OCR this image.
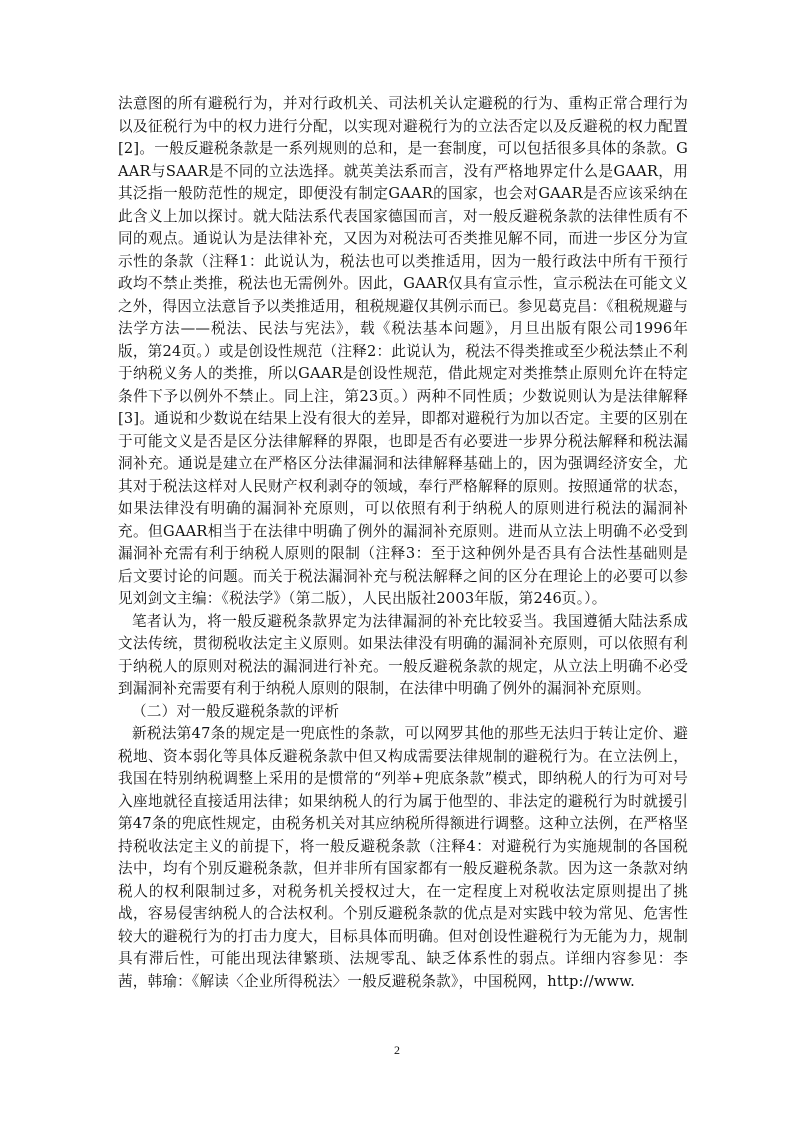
法意图的所有避税行为，并对行政机关、司法机关认定避税的行为、重构正常合理行为以及征税行为中的权力进行分配，以实现对避税行为的立法否定以及反避税的权力配置[2]。一般反避税条款是一系列规则的总和，是一套制度，可以包括很多具体的条款。GAAR与SAAR是不同的立法选择。就英美法系而言，没有严格地界定什么是GAAR，用其泛指一般防范性的规定，即便没有制定GAAR的国家，也会对GAAR是否应该采纳在此含义上加以探讨。就大陆法系代表国家德国而言，对一般反避税条款的法律性质有不同的观点。通说认为是法律补充，又因为对税法可否类推见解不同，而进一步区分为宣示性的条款（注释1：此说认为，税法也可以类推适用，因为一般行政法中所有干预行政均不禁止类推，税法也无需例外。因此，GAAR仅具有宣示性，宣示税法在可能文义之外，得因立法意旨予以类推适用，租税规避仅其例示而已。参见葛克昌：《租税规避与法学方法——税法、民法与宪法》，载《税法基本问题》，月旦出版有限公司1996年版，第24页。）或是创设性规范（注释2：此说认为，税法不得类推或至少税法禁止不利于纳税义务人的类推，所以GAAR是创设性规范，借此规定对类推禁止原则允许在特定条件下予以例外不禁止。同上注，第23页。）两种不同性质；少数说则认为是法律解释[3]。通说和少数说在结果上没有很大的差异，即都对避税行为加以否定。主要的区别在于可能文义是否是区分法律解释的界限，也即是否有必要进一步界分税法解释和税法漏洞补充。通说是建立在严格区分法律漏洞和法律解释基础上的，因为强调经济安全，尤其对于税法这样对人民财产权利剥夺的领域，奉行严格解释的原则。按照通常的状态，如果法律没有明确的漏洞补充原则，可以依照有利于纳税人的原则进行税法的漏洞补充。但GAAR相当于在法律中明确了例外的漏洞补充原则。进而从立法上明确不必受到漏洞补充需有利于纳税人原则的限制（注释3：至于这种例外是否具有合法性基础则是后文要讨论的问题。而关于税法漏洞补充与税法解释之间的区分在理论上的必要可以参见刘剑文主编：《税法学》（第二版），人民出版社2003年版，第246页。）。

笔者认为，将一般反避税条款界定为法律漏洞的补充比较妥当。我国遵循大陆法系成文法传统，贯彻税收法定主义原则。如果法律没有明确的漏洞补充原则，可以依照有利于纳税人的原则对税法的漏洞进行补充。一般反避税条款的规定，从立法上明确不必受到漏洞补充需要有利于纳税人原则的限制，在法律中明确了例外的漏洞补充原则。

（二）对一般反避税条款的评析

新税法第47条的规定是一兜底性的条款，可以网罗其他的那些无法归于转让定价、避税地、资本弱化等具体反避税条款中但又构成需要法律规制的避税行为。在立法例上，我国在特别纳税调整上采用的是惯常的“列举+兜底条款”模式，即纳税人的行为可对号入座地就径直接适用法律；如果纳税人的行为属于他型的、非法定的避税行为时就援引第47条的兜底性规定，由税务机关对其应纳税所得额进行调整。这种立法例，在严格坚持税收法定主义的前提下，将一般反避税条款（注释4：对避税行为实施规制的各国税法中，均有个别反避税条款，但并非所有国家都有一般反避税条款。因为这一条款对纳税人的权利限制过多，对税务机关授权过大，在一定程度上对税收法定原则提出了挑战，容易侵害纳税人的合法权利。个别反避税条款的优点是对实践中较为常见、危害性较大的避税行为的打击力度大，目标具体而明确。但对创设性避税行为无能为力，规制具有滞后性，可能出现法律繁琐、法规零乱、缺乏体系性的弱点。详细内容参见：李茜，韩瑜：《解读〈企业所得税法〉一般反避税条款》，中国税网，http://www.

2
